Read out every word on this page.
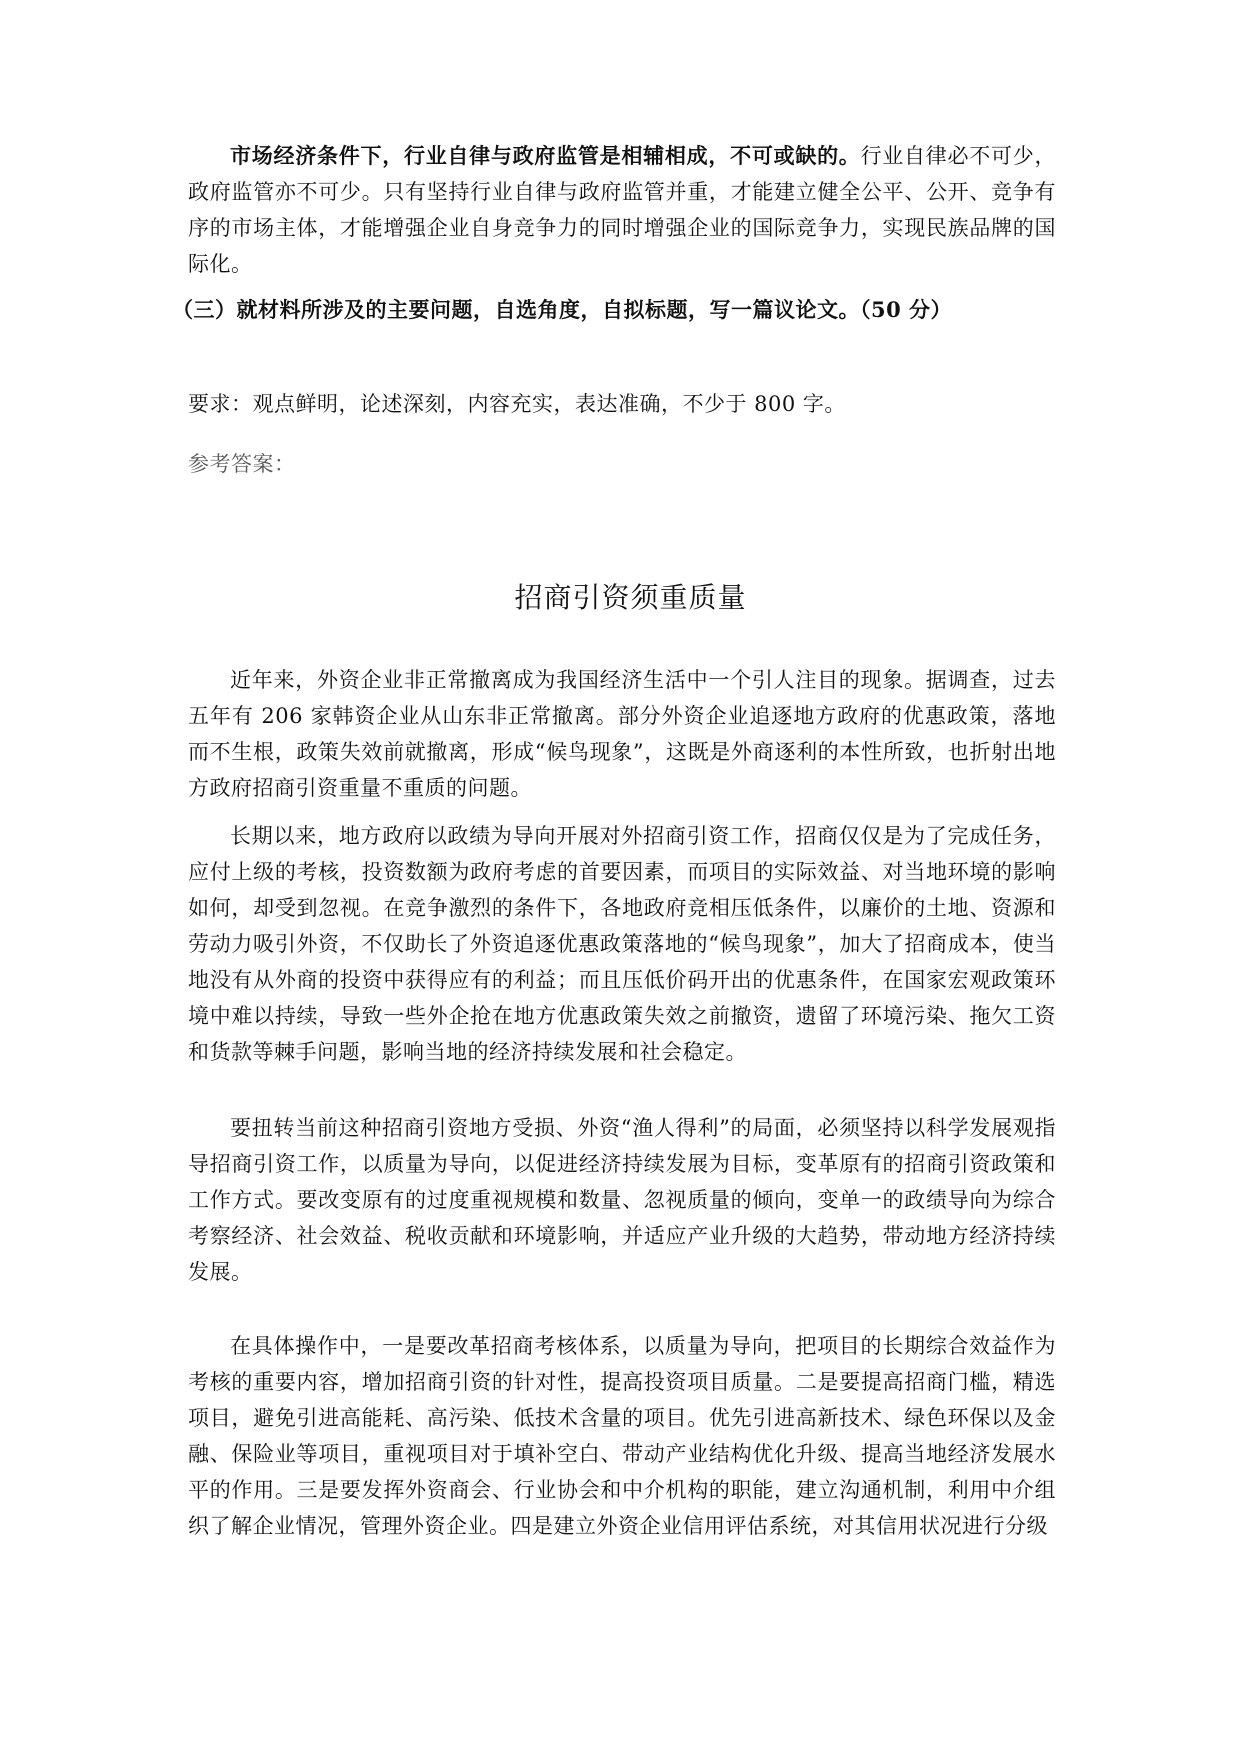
市场经济条件下，行业自律与政府监管是相辅相成，不可或缺的。行业自律必不可少，政府监管亦不可少。只有坚持行业自律与政府监管并重，才能建立健全公平、公开、竞争有序的市场主体，才能增强企业自身竞争力的同时增强企业的国际竞争力，实现民族品牌的国际化。

（三）就材料所涉及的主要问题，自选角度，自拟标题，写一篇议论文。（50 分）

要求：观点鲜明，论述深刻，内容充实，表达准确，不少于 800 字。

参考答案：

招商引资须重质量

近年来，外资企业非正常撤离成为我国经济生活中一个引人注目的现象。据调查，过去五年有 206 家韩资企业从山东非正常撤离。部分外资企业追逐地方政府的优惠政策，落地而不生根，政策失效前就撤离，形成“候鸟现象”，这既是外商逐利的本性所致，也折射出地方政府招商引资重量不重质的问题。

长期以来，地方政府以政绩为导向开展对外招商引资工作，招商仅仅是为了完成任务，应付上级的考核，投资数额为政府考虑的首要因素，而项目的实际效益、对当地环境的影响如何，却受到忽视。在竞争激烈的条件下，各地政府竞相压低条件，以廉价的土地、资源和劳动力吸引外资，不仅助长了外资追逐优惠政策落地的“候鸟现象”，加大了招商成本，使当地没有从外商的投资中获得应有的利益；而且压低价码开出的优惠条件，在国家宏观政策环境中难以持续，导致一些外企抢在地方优惠政策失效之前撤资，遗留了环境污染、拖欠工资和货款等棘手问题，影响当地的经济持续发展和社会稳定。

要扭转当前这种招商引资地方受损、外资“渔人得利”的局面，必须坚持以科学发展观指导招商引资工作，以质量为导向，以促进经济持续发展为目标，变革原有的招商引资政策和工作方式。要改变原有的过度重视规模和数量、忽视质量的倾向，变单一的政绩导向为综合考察经济、社会效益、税收贡献和环境影响，并适应产业升级的大趋势，带动地方经济持续发展。

在具体操作中，一是要改革招商考核体系，以质量为导向，把项目的长期综合效益作为考核的重要内容，增加招商引资的针对性，提高投资项目质量。二是要提高招商门槛，精选项目，避免引进高能耗、高污染、低技术含量的项目。优先引进高新技术、绿色环保以及金融、保险业等项目，重视项目对于填补空白、带动产业结构优化升级、提高当地经济发展水平的作用。三是要发挥外资商会、行业协会和中介机构的职能，建立沟通机制，利用中介组织了解企业情况，管理外资企业。四是建立外资企业信用评估系统，对其信用状况进行分级
